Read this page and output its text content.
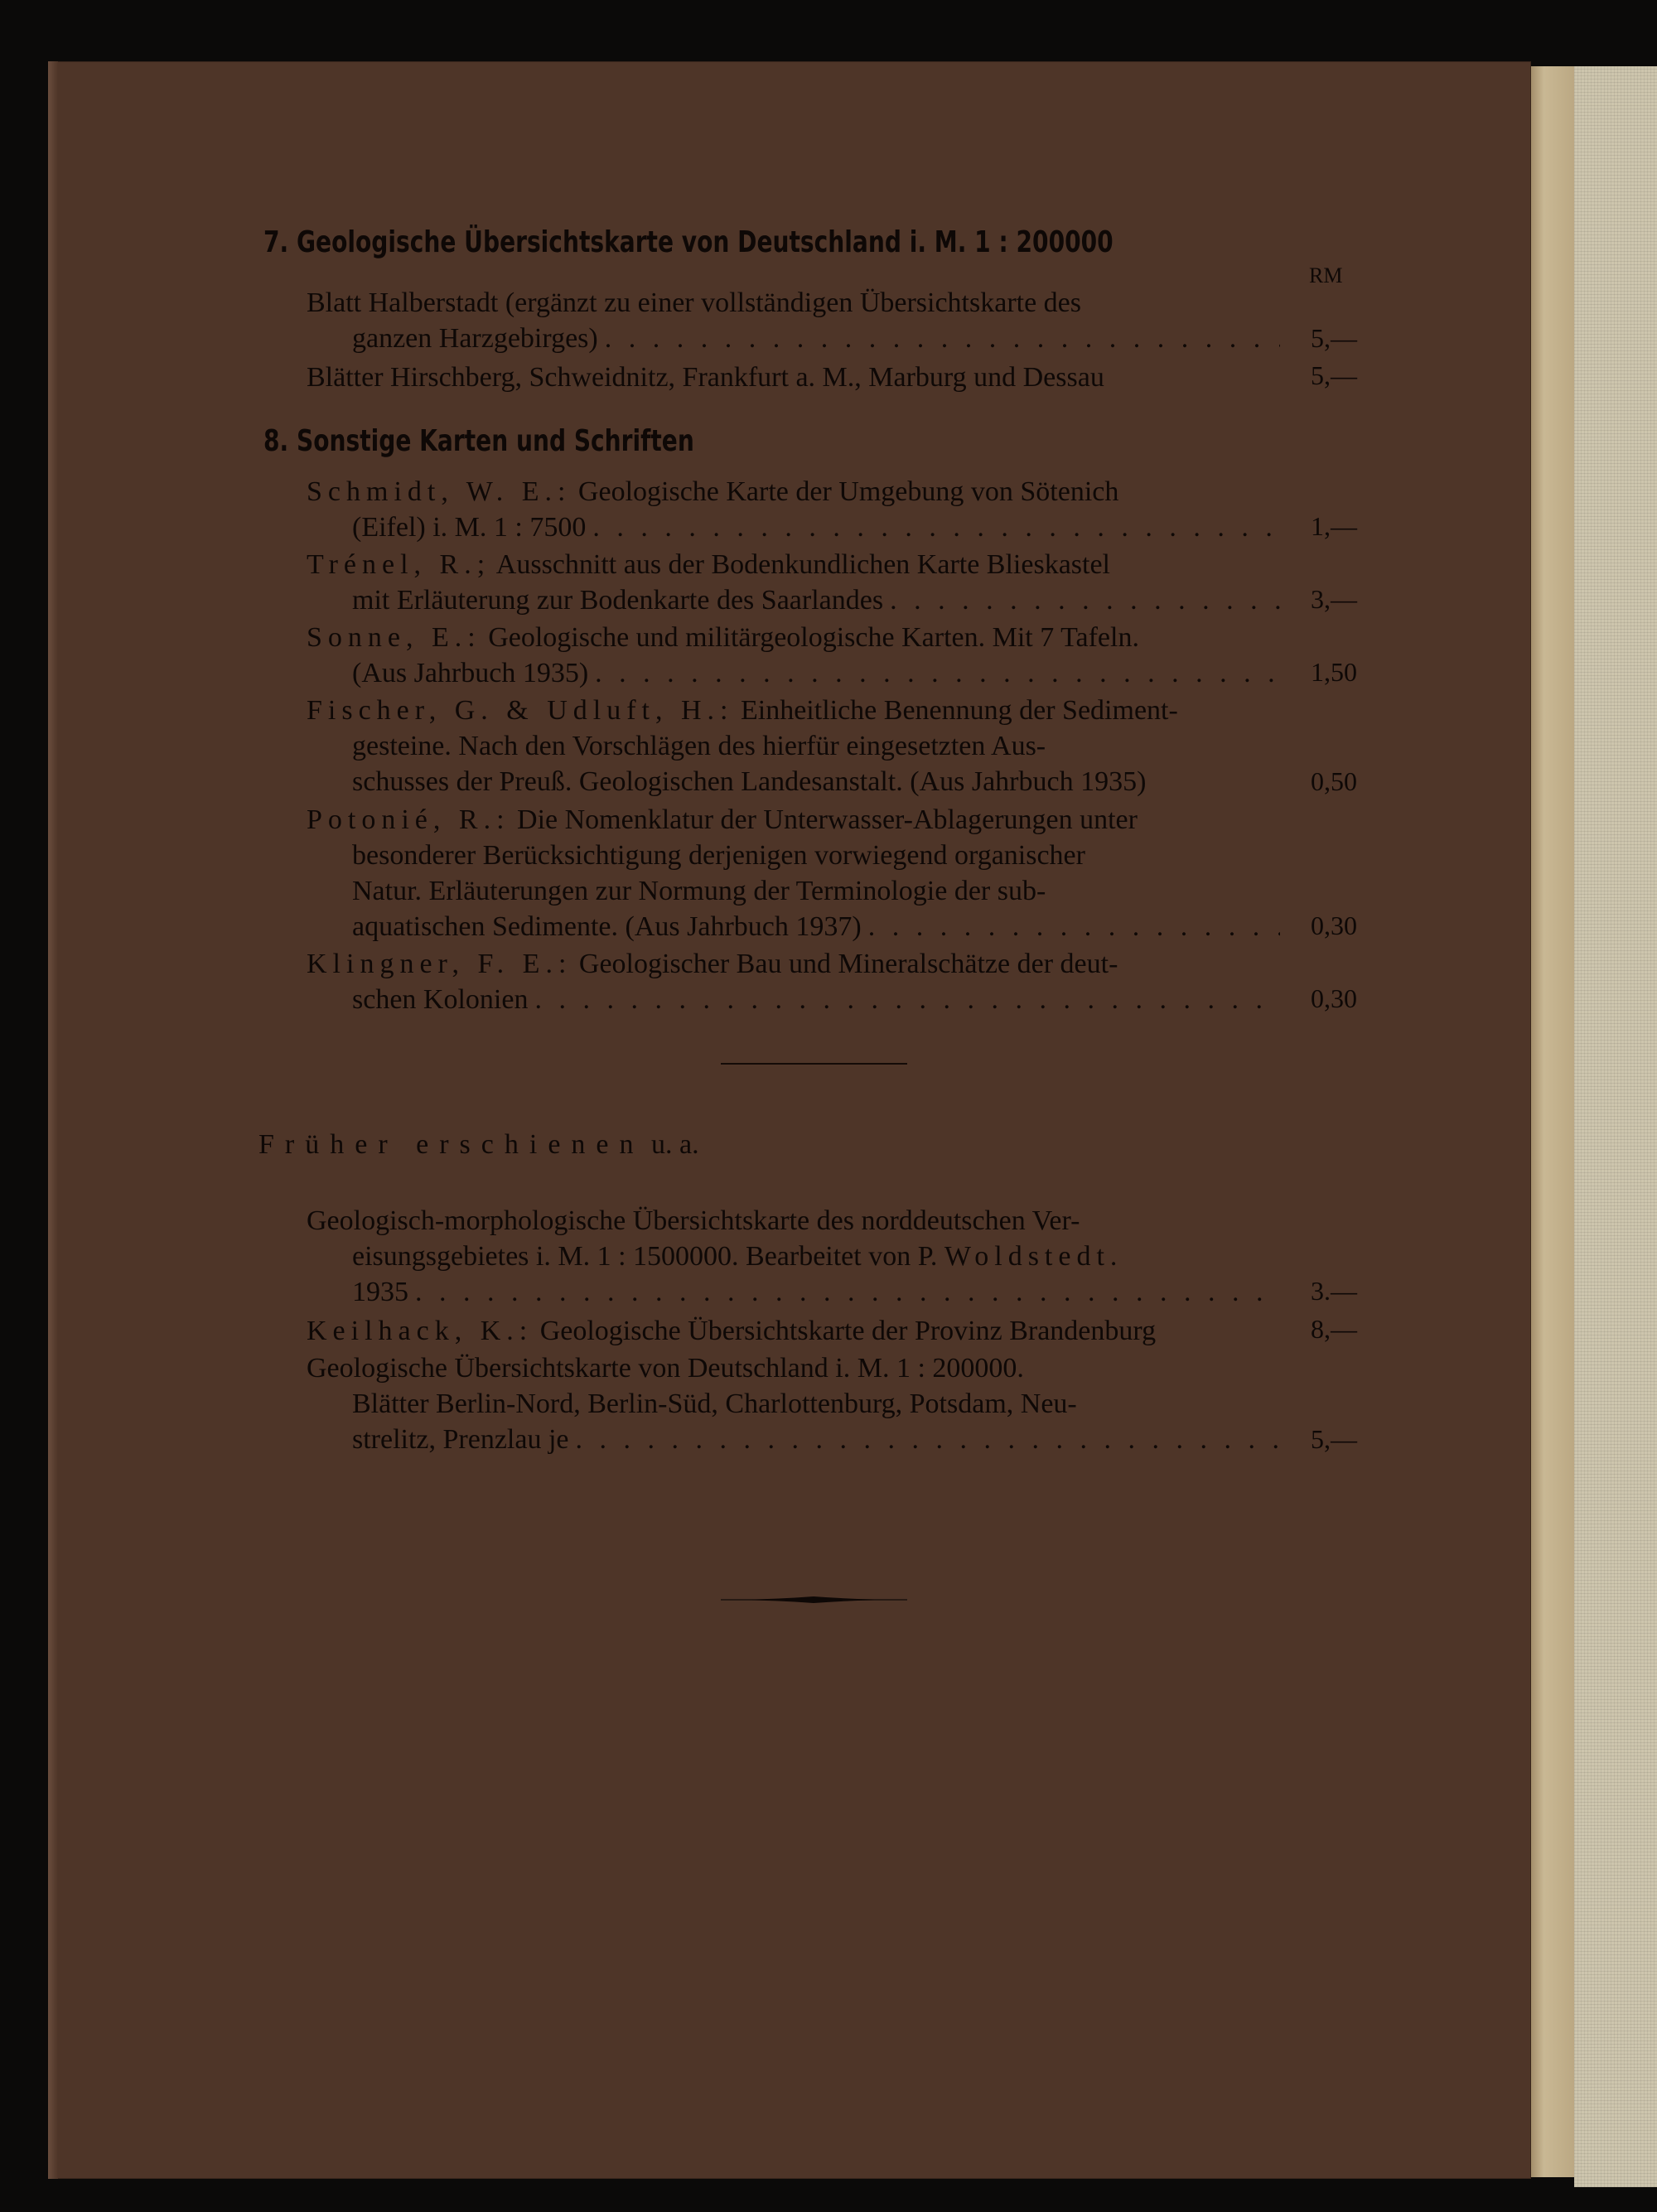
7. Geologische Übersichtskarte von Deutschland i. M. 1 : 200000
RM

Blatt Halberstadt (ergänzt zu einer vollständigen Übersichtskarte des

ganzen Harzgebirges) . . .	5,—

Blätter Hirschberg, Schweidnitz, Frankfurt a. M., Marburg und Dessau	5,—
8. Sonstige Karten und Schriften

Schmidt, W. E.: Geologische Karte der Umgebung von Sötenich

(Eifel) i. M. 1 : 7500 . . .	1,—

Trénel, R.; Ausschnitt aus der Bodenkundlichen Karte Blieskastel

mit Erläuterung zur Bodenkarte des Saarlandes . . .	3,—

Sonne, E.: Geologische und militärgeologische Karten. Mit 7 Tafeln.

(Aus Jahrbuch 1935) . . .	1,50

Fischer, G. & Udluft, H.: Einheitliche Benennung der Sediment-

gesteine. Nach den Vorschlägen des hierfür eingesetzten Aus-

schusses der Preuß. Geologischen Landesanstalt. (Aus Jahrbuch 1935)	0,50

Potonié, R.: Die Nomenklatur der Unterwasser-Ablagerungen unter

besonderer Berücksichtigung derjenigen vorwiegend organischer

Natur. Erläuterungen zur Normung der Terminologie der sub-

aquatischen Sedimente. (Aus Jahrbuch 1937) . . .	0,30

Klingner, F. E.: Geologischer Bau und Mineralschätze der deut-

schen Kolonien . . .	0,30
Früher erschienen u. a.

Geologisch-morphologische Übersichtskarte des norddeutschen Ver-

eisungsgebietes i. M. 1 : 1500000. Bearbeitet von P. Woldstedt.

1935 . . .	3.—

Keilhack, K.: Geologische Übersichtskarte der Provinz Brandenburg	8,—

Geologische Übersichtskarte von Deutschland i. M. 1 : 200000.

Blätter Berlin-Nord, Berlin-Süd, Charlottenburg, Potsdam, Neu-

strelitz, Prenzlau je . . .	5,—
